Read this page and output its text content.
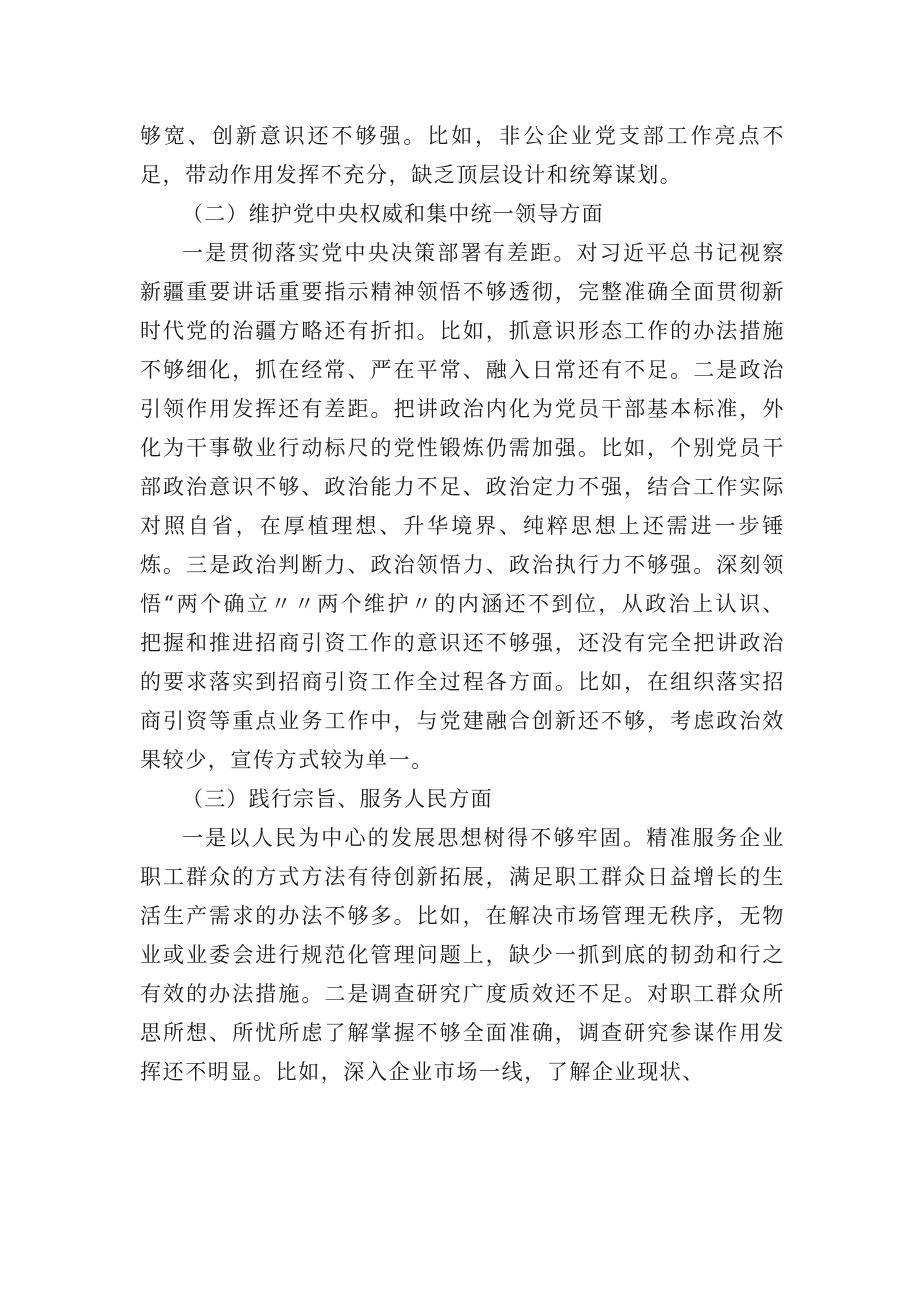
够宽、创新意识还不够强。比如，非公企业党支部工作亮点不足，带动作用发挥不充分，缺乏顶层设计和统筹谋划。

（二）维护党中央权威和集中统一领导方面

一是贯彻落实党中央决策部署有差距。对习近平总书记视察新疆重要讲话重要指示精神领悟不够透彻，完整准确全面贯彻新时代党的治疆方略还有折扣。比如，抓意识形态工作的办法措施不够细化，抓在经常、严在平常、融入日常还有不足。二是政治引领作用发挥还有差距。把讲政治内化为党员干部基本标准，外化为干事敬业行动标尺的党性锻炼仍需加强。比如，个别党员干部政治意识不够、政治能力不足、政治定力不强，结合工作实际对照自省，在厚植理想、升华境界、纯粹思想上还需进一步锤炼。三是政治判断力、政治领悟力、政治执行力不够强。深刻领悟“两个确立〃〃两个维护〃的内涵还不到位，从政治上认识、把握和推进招商引资工作的意识还不够强，还没有完全把讲政治的要求落实到招商引资工作全过程各方面。比如，在组织落实招商引资等重点业务工作中，与党建融合创新还不够，考虑政治效果较少，宣传方式较为单一。

（三）践行宗旨、服务人民方面

一是以人民为中心的发展思想树得不够牢固。精准服务企业职工群众的方式方法有待创新拓展，满足职工群众日益增长的生活生产需求的办法不够多。比如，在解决市场管理无秩序，无物业或业委会进行规范化管理问题上，缺少一抓到底的韧劲和行之有效的办法措施。二是调查研究广度质效还不足。对职工群众所思所想、所忧所虑了解掌握不够全面准确，调查研究参谋作用发挥还不明显。比如，深入企业市场一线，了解企业现状、
